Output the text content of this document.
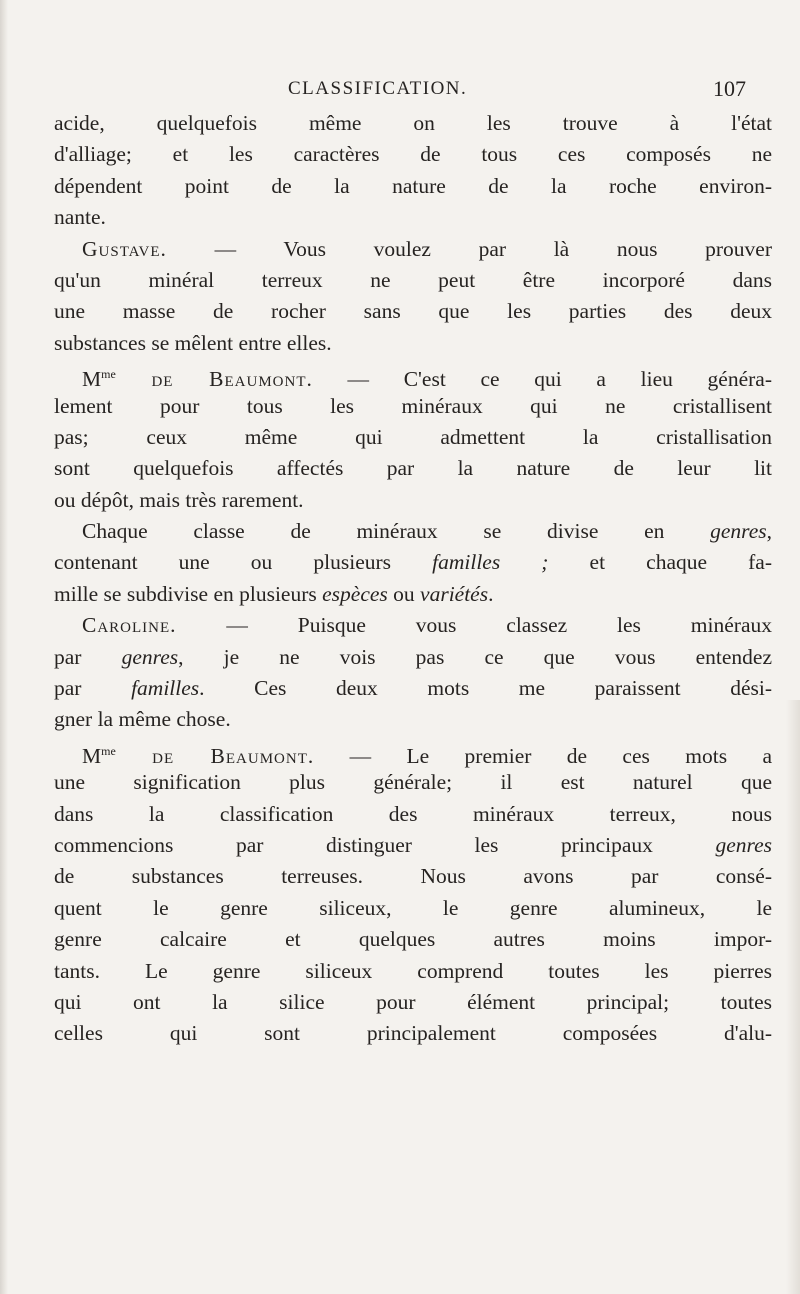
CLASSIFICATION.	107
acide, quelquefois même on les trouve à l'état
d'alliage; et les caractères de tous ces composés ne
dépendent point de la nature de la roche environ-
nante.
Gustave. — Vous voulez par là nous prouver
qu'un minéral terreux ne peut être incorporé dans
une masse de rocher sans que les parties des deux
substances se mêlent entre elles.
$M^{me}$ de Beaumont. — C'est ce qui a lieu généra-
lement pour tous les minéraux qui ne cristallisent
pas; ceux même qui admettent la cristallisation
sont quelquefois affectés par la nature de leur lit
ou dépôt, mais très rarement.
Chaque classe de minéraux se divise en genres,
contenant une ou plusieurs familles ; et chaque fa-
mille se subdivise en plusieurs espèces ou variétés.
Caroline. — Puisque vous classez les minéraux
par genres, je ne vois pas ce que vous entendez
par familles. Ces deux mots me paraissent dési-
gner la même chose.
$M^{me}$ de Beaumont. — Le premier de ces mots a
une signification plus générale; il est naturel que
dans la classification des minéraux terreux, nous
commencions par distinguer les principaux genres
de substances terreuses. Nous avons par consé-
quent le genre siliceux, le genre alumineux, le
genre calcaire et quelques autres moins impor-
tants. Le genre siliceux comprend toutes les pierres
qui ont la silice pour élément principal; toutes
celles qui sont principalement composées d'alu-
